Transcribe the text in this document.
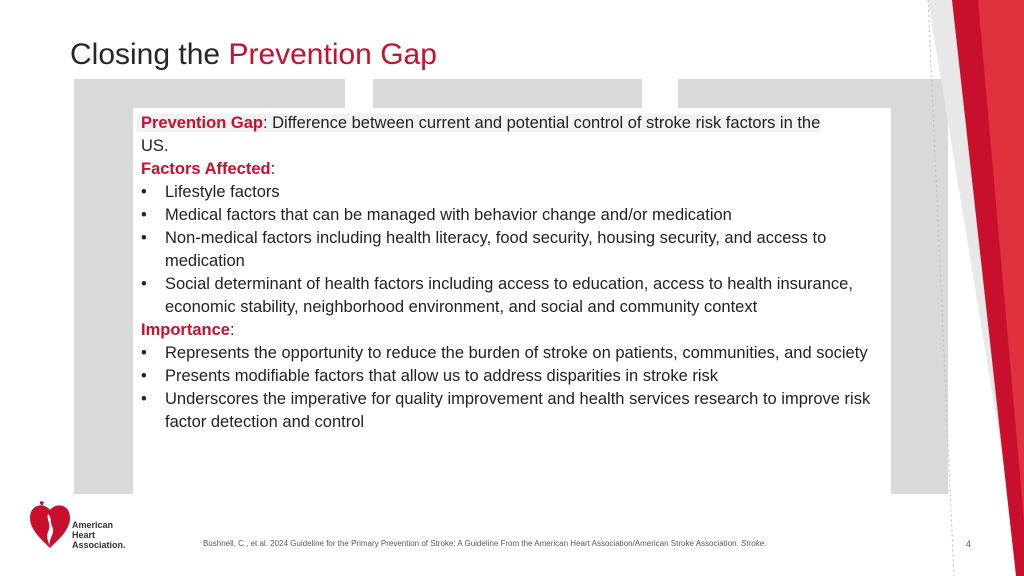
Closing the Prevention Gap
Prevention Gap: Difference between current and potential control of stroke risk factors in the
US.
Factors Affected:
• Lifestyle factors
• Medical factors that can be managed with behavior change and/or medication
• Non-medical factors including health literacy, food security, housing security, and access to medication
• Social determinant of health factors including access to education, access to health insurance, economic stability, neighborhood environment, and social and community context
Importance:
• Represents the opportunity to reduce the burden of stroke on patients, communities, and society
• Presents modifiable factors that allow us to address disparities in stroke risk
• Underscores the imperative for quality improvement and health services research to improve risk factor detection and control
American
Heart
Association.	Bushnell, C., et al. 2024 Guideline for the Primary Prevention of Stroke: A Guideline From the American Heart Association/American Stroke Association. Stroke.	4
